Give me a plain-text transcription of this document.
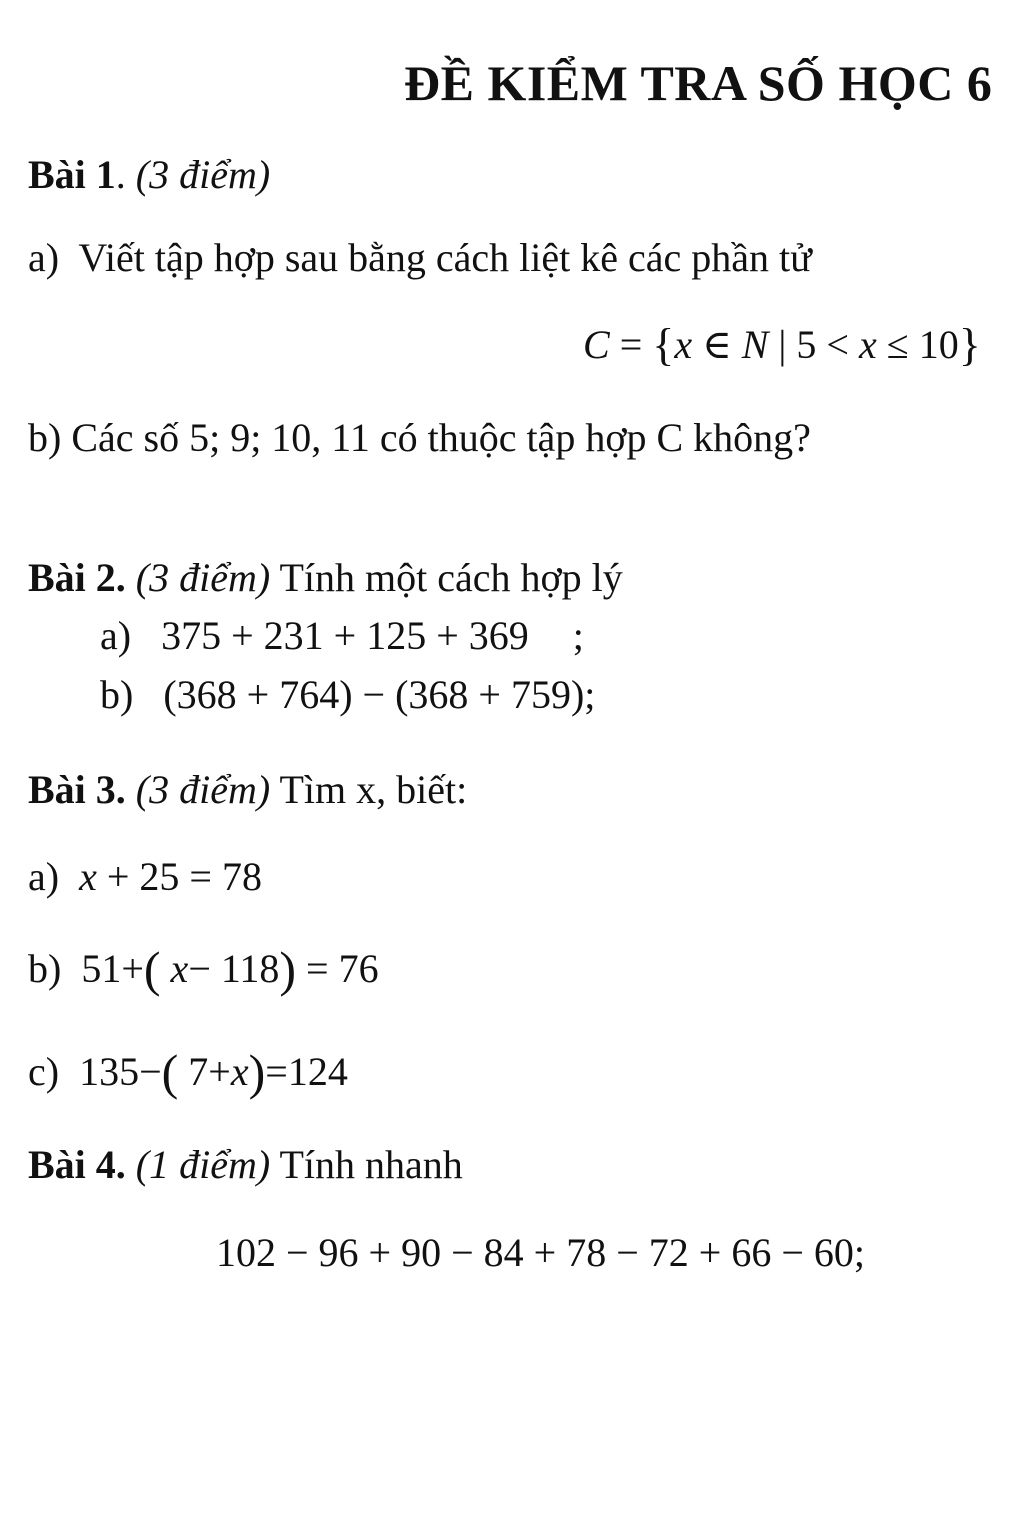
ĐỀ KIỂM TRA SỐ HỌC 6
Bài 1. (3 điểm)
a) Viết tập hợp sau bằng cách liệt kê các phần tử
C = {x ∈ N | 5 < x ≤ 10}
b) Các số 5; 9; 10, 11 có thuộc tập hợp C không?
Bài 2. (3 điểm) Tính một cách hợp lý
a) 375 + 231 + 125 + 369 ;
b) (368 + 764) − (368 + 759);
Bài 3. (3 điểm) Tìm x, biết:
a) x + 25 = 78
b) 51+( x− 118) = 76
c) 135−( 7+x)=124
Bài 4. (1 điểm) Tính nhanh
102 − 96 + 90 − 84 + 78 − 72 + 66 − 60;
